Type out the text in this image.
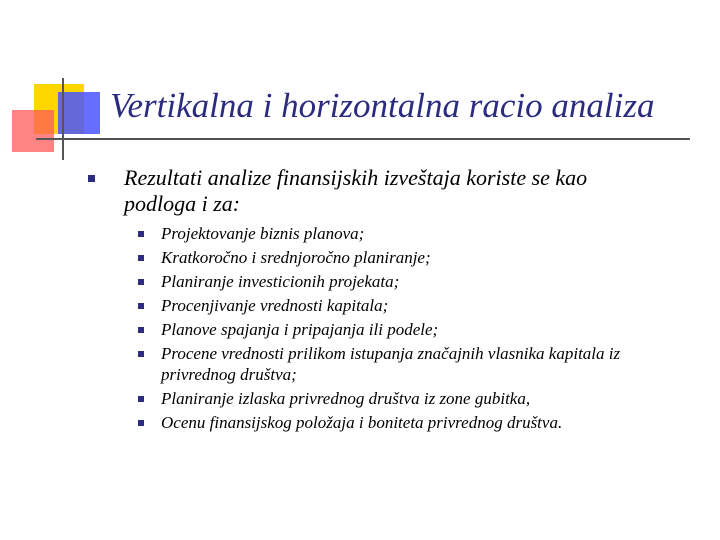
Vertikalna i horizontalna racio analiza
Rezultati analize finansijskih izveštaja koriste se kao podloga i za:
Projektovanje biznis planova;
Kratkoročno i srednjoročno planiranje;
Planiranje investicionih projekata;
Procenjivanje vrednosti kapitala;
Planove spajanja i pripajanja ili podele;
Procene vrednosti prilikom istupanja značajnih vlasnika kapitala iz privrednog društva;
Planiranje izlaska privrednog društva iz zone gubitka,
Ocenu finansijskog položaja i boniteta privrednog društva.
